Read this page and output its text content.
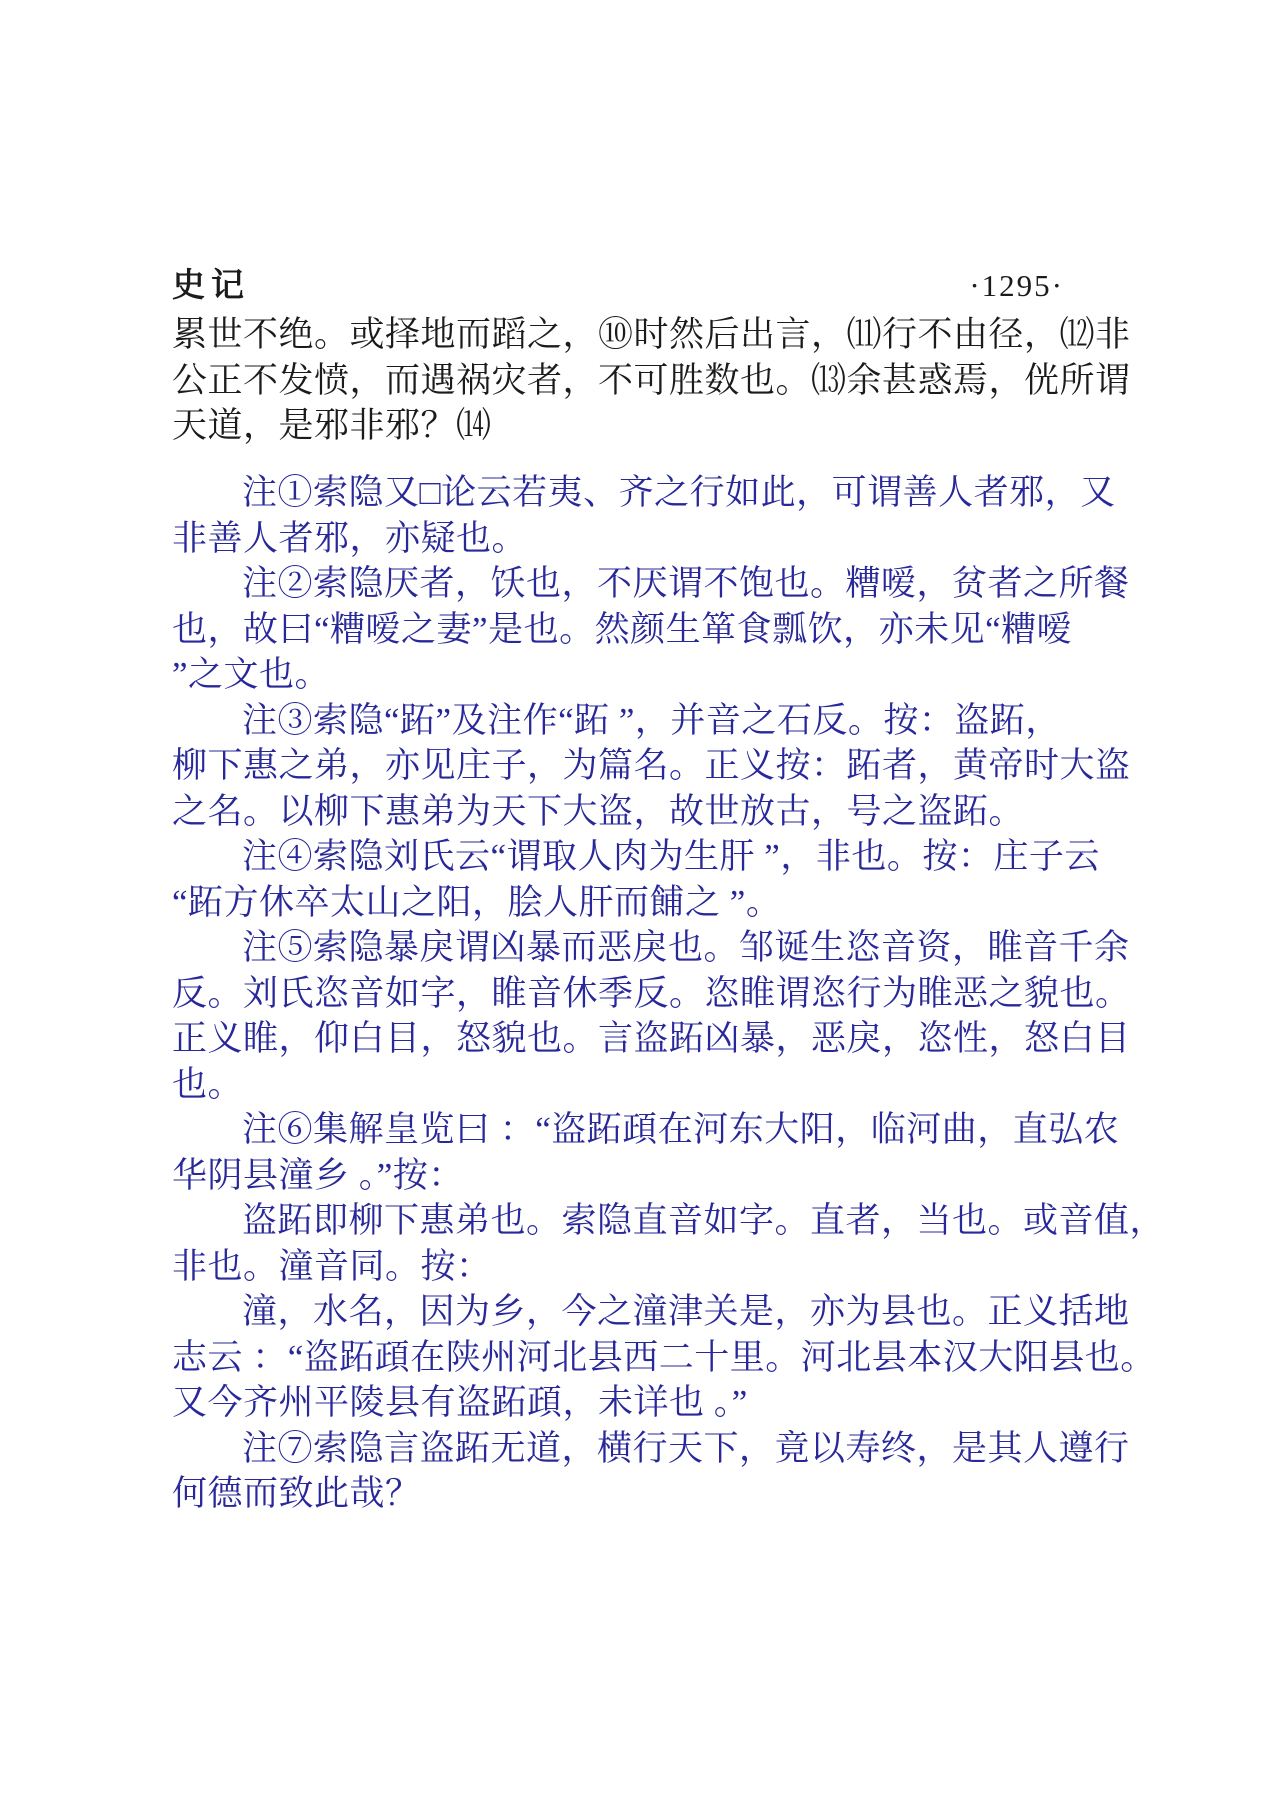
史记	·1295·
累世不绝。或择地而蹈之，⑩时然后出言，⑾行不由径，⑿非
公正不发愤，而遇祸灾者，不可胜数也。⒀余甚惑焉，侊所谓
天道，是邪非邪？⒁
注①索隐又□论云若夷、齐之行如此，可谓善人者邪，又
非善人者邪，亦疑也。
注②索隐厌者，饫也，不厌谓不饱也。糟嗳，贫者之所餐
也，故曰“糟嗳之妻”是也。然颜生箪食瓢饮，亦未见“糟嗳
”之文也。
注③索隐“跖”及注作“跖 ”，并音之石反。按：盗跖，
柳下惠之弟，亦见庄子，为篇名。正义按：跖者，黄帝时大盗
之名。以柳下惠弟为天下大盗，故世放古，号之盗跖。
注④索隐刘氏云“谓取人肉为生肝 ”，非也。按：庄子云
“跖方休卒太山之阳，脍人肝而餔之 ”。
注⑤索隐暴戾谓凶暴而恶戾也。邹诞生恣音资，睢音千余
反。刘氏恣音如字，睢音休季反。恣睢谓恣行为睢恶之貌也。
正义睢，仰白目，怒貌也。言盗跖凶暴，恶戾，恣性，怒白目
也。
注⑥集解皇览曰 ：“盗跖頙在河东大阳，临河曲，直弘农
华阴县潼乡 。”按：
盗跖即柳下惠弟也。索隐直音如字。直者，当也。或音值，
非也。潼音同。按：
潼，水名，因为乡，今之潼津关是，亦为县也。正义括地
志云 ：“盗跖頙在陕州河北县西二十里。河北县本汉大阳县也。
又今齐州平陵县有盗跖頙，未详也 。”
注⑦索隐言盗跖无道，横行天下，竟以寿终，是其人遵行
何德而致此哉？
